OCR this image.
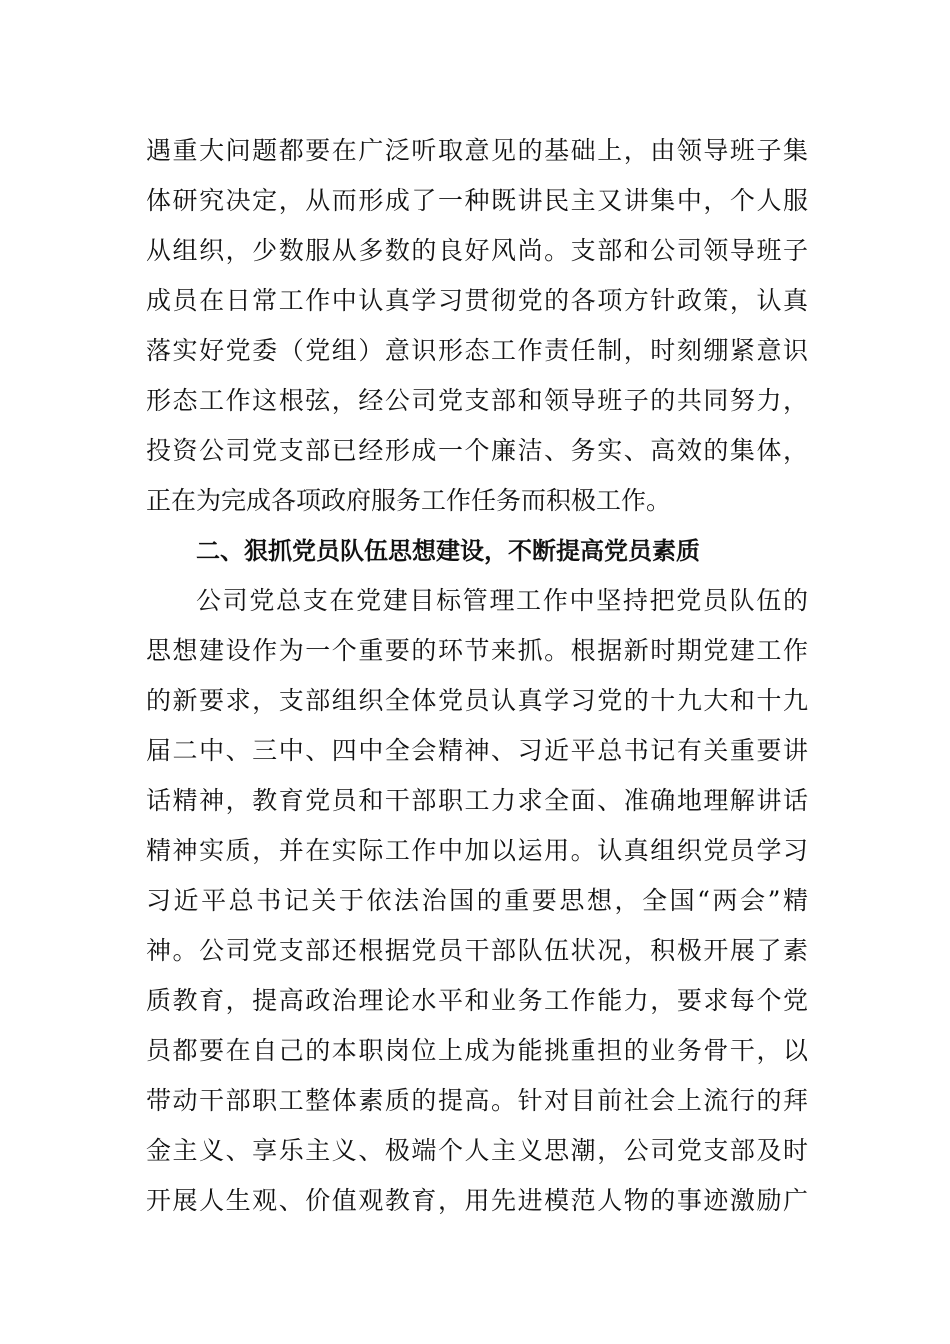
遇重大问题都要在广泛听取意见的基础上，由领导班子集
体研究决定，从而形成了一种既讲民主又讲集中，个人服
从组织，少数服从多数的良好风尚。支部和公司领导班子
成员在日常工作中认真学习贯彻党的各项方针政策，认真
落实好党委（党组）意识形态工作责任制，时刻绷紧意识
形态工作这根弦，经公司党支部和领导班子的共同努力，
投资公司党支部已经形成一个廉洁、务实、高效的集体，
正在为完成各项政府服务工作任务而积极工作。
二、狠抓党员队伍思想建设，不断提高党员素质
公司党总支在党建目标管理工作中坚持把党员队伍的
思想建设作为一个重要的环节来抓。根据新时期党建工作
的新要求，支部组织全体党员认真学习党的十九大和十九
届二中、三中、四中全会精神、习近平总书记有关重要讲
话精神，教育党员和干部职工力求全面、准确地理解讲话
精神实质，并在实际工作中加以运用。认真组织党员学习
习近平总书记关于依法治国的重要思想，全国“两会”精
神。公司党支部还根据党员干部队伍状况，积极开展了素
质教育，提高政治理论水平和业务工作能力，要求每个党
员都要在自己的本职岗位上成为能挑重担的业务骨干，以
带动干部职工整体素质的提高。针对目前社会上流行的拜
金主义、享乐主义、极端个人主义思潮，公司党支部及时
开展人生观、价值观教育，用先进模范人物的事迹激励广
